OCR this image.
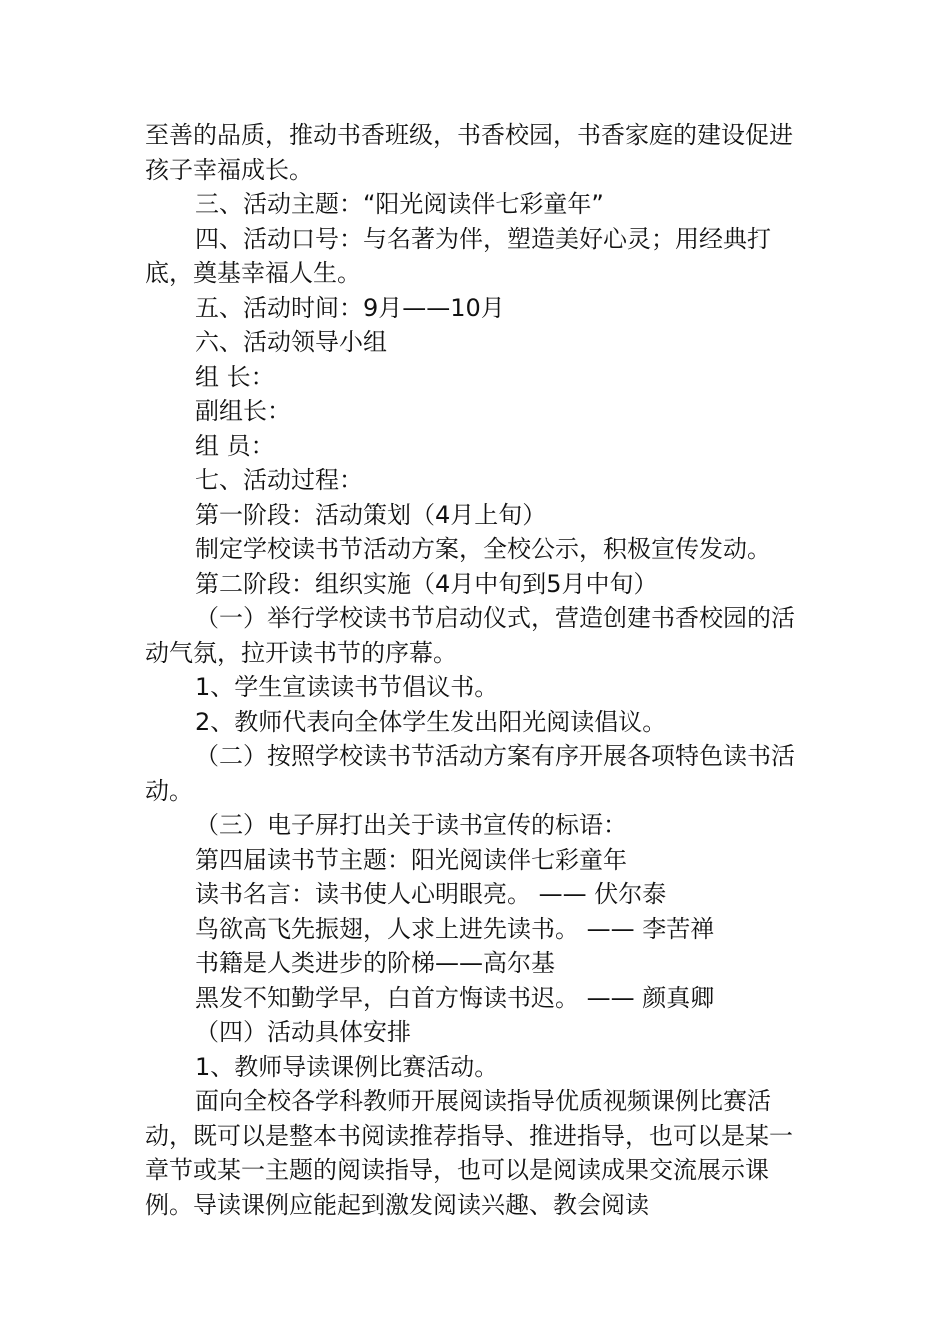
至善的品质，推动书香班级，书香校园，书香家庭的建设促进孩子幸福成长。

三、活动主题：“阳光阅读伴七彩童年”

四、活动口号：与名著为伴，塑造美好心灵；用经典打底，奠基幸福人生。

五、活动时间：9月——10月

六、活动领导小组

组 长：

副组长：

组 员：

七、活动过程：

第一阶段：活动策划（4月上旬）

制定学校读书节活动方案，全校公示，积极宣传发动。

第二阶段：组织实施（4月中旬到5月中旬）

（一）举行学校读书节启动仪式，营造创建书香校园的活动气氛，拉开读书节的序幕。

1、学生宣读读书节倡议书。

2、教师代表向全体学生发出阳光阅读倡议。

（二）按照学校读书节活动方案有序开展各项特色读书活动。

（三）电子屏打出关于读书宣传的标语：

第四届读书节主题：阳光阅读伴七彩童年

读书名言：读书使人心明眼亮。 —— 伏尔泰

鸟欲高飞先振翅，人求上进先读书。 —— 李苦禅

书籍是人类进步的阶梯——高尔基

黑发不知勤学早，白首方悔读书迟。 —— 颜真卿

（四）活动具体安排

1、教师导读课例比赛活动。

面向全校各学科教师开展阅读指导优质视频课例比赛活动，既可以是整本书阅读推荐指导、推进指导，也可以是某一章节或某一主题的阅读指导，也可以是阅读成果交流展示课例。导读课例应能起到激发阅读兴趣、教会阅读
